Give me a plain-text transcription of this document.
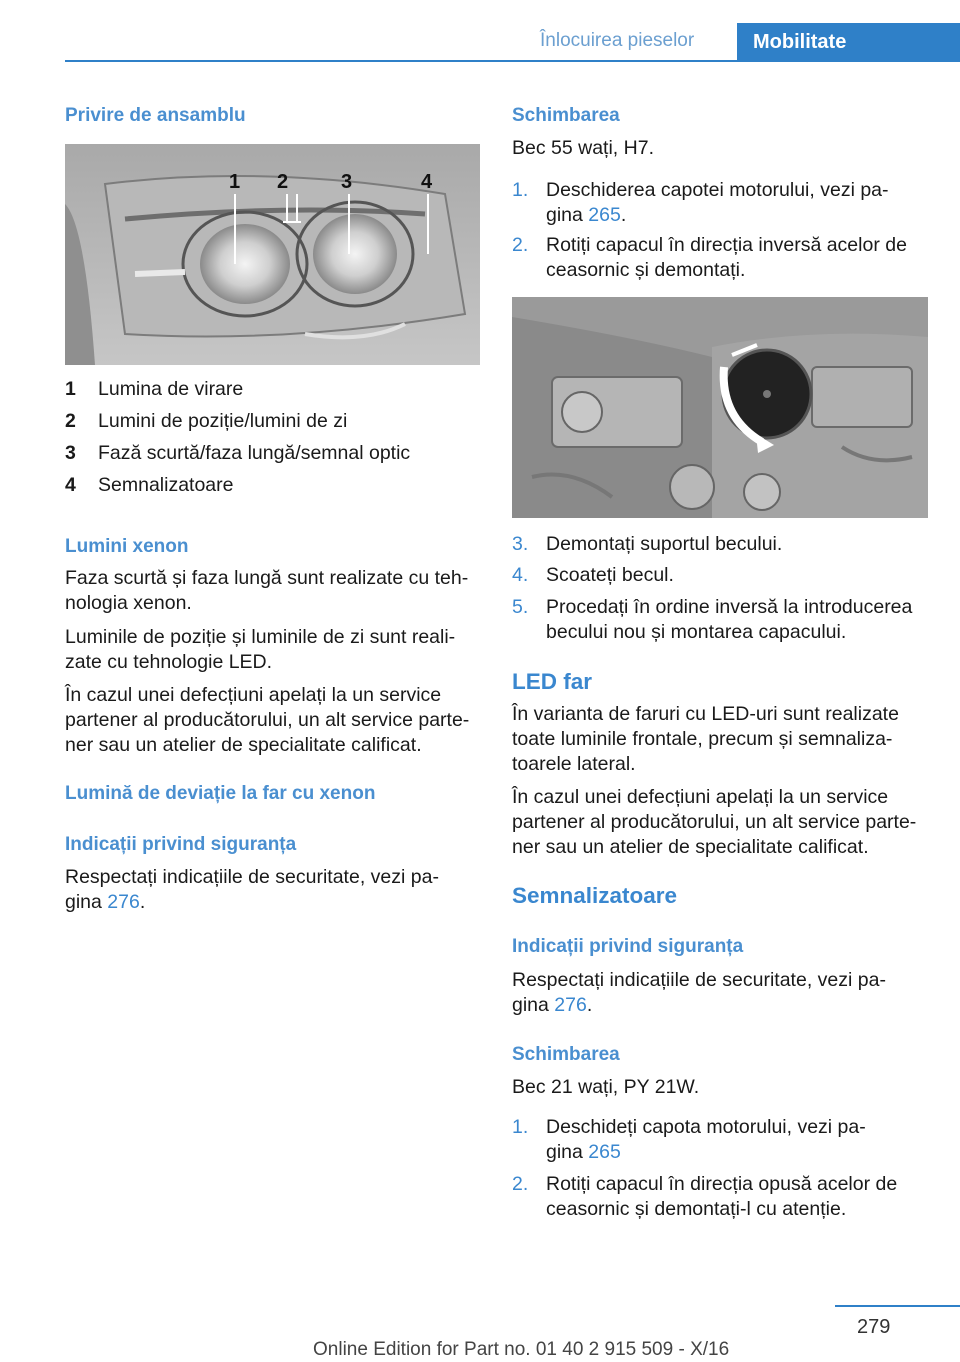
Înlocuirea pieselor	Mobilitate
Privire de ansamblu
1 2	3	4
1 Lumina de virare
2 Lumini de poziție/lumini de zi
3 Fază scurtă/faza lungă/semnal optic
4 Semnalizatoare
Lumini xenon
Faza scurtă și faza lungă sunt realizate cu teh‐
nologia xenon.
Luminile de poziție și luminile de zi sunt reali‐
zate cu tehnologie LED.
În cazul unei defecțiuni apelați la un service
partener al producătorului, un alt service parte‐
ner sau un atelier de specialitate calificat.
Lumină de deviație la far cu xenon
Indicații privind siguranța
Respectați indicațiile de securitate, vezi pa‐
gina 276.
Schimbarea
Bec 55 wați, H7.
1. Deschiderea capotei motorului, vezi pa‐
gina 265.
2. Rotiți capacul în direcția inversă acelor de
ceasornic și demontați.
3. Demontați suportul becului.
4. Scoateți becul.
5. Procedați în ordine inversă la introducerea
becului nou și montarea capacului.
LED far
În varianta de faruri cu LED-uri sunt realizate
toate luminile frontale, precum și semnaliza‐
toarele lateral.
În cazul unei defecțiuni apelați la un service
partener al producătorului, un alt service parte‐
ner sau un atelier de specialitate calificat.
Semnalizatoare
Indicații privind siguranța
Respectați indicațiile de securitate, vezi pa‐
gina 276.
Schimbarea
Bec 21 wați, PY 21W.
1. Deschideți capota motorului, vezi pa‐
gina 265
2. Rotiți capacul în direcția opusă acelor de
ceasornic și demontați-l cu atenție.
279
Online Edition for Part no. 01 40 2 915 509 - X/16
